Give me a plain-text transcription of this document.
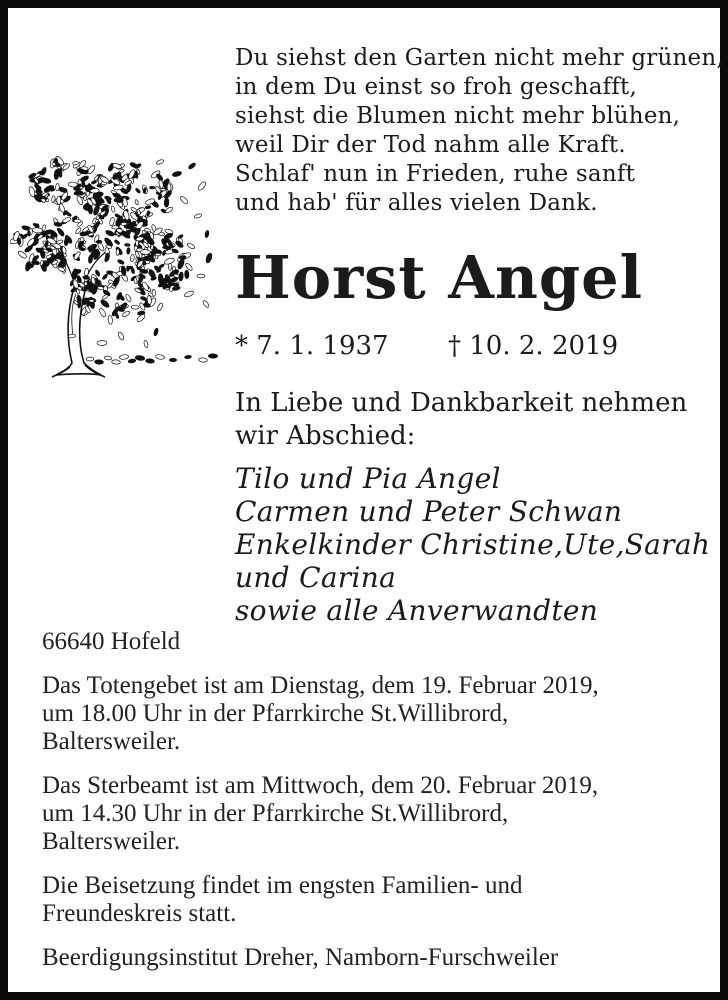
Du siehst den Garten nicht mehr grünen,
in dem Du einst so froh geschafft,
siehst die Blumen nicht mehr blühen,
weil Dir der Tod nahm alle Kraft.
Schlaf' nun in Frieden, ruhe sanft
und hab' für alles vielen Dank.
Horst Angel
* 7. 1. 1937 † 10. 2. 2019
In Liebe und Dankbarkeit nehmen
wir Abschied:
Tilo und Pia Angel
Carmen und Peter Schwan
Enkelkinder Christine,Ute,Sarah
und Carina
sowie alle Anverwandten
66640 Hofeld
Das Totengebet ist am Dienstag, dem 19. Februar 2019,
um 18.00 Uhr in der Pfarrkirche St.Willibrord,
Baltersweiler.
Das Sterbeamt ist am Mittwoch, dem 20. Februar 2019,
um 14.30 Uhr in der Pfarrkirche St.Willibrord,
Baltersweiler.
Die Beisetzung findet im engsten Familien- und
Freundeskreis statt.
Beerdigungsinstitut Dreher, Namborn-Furschweiler
